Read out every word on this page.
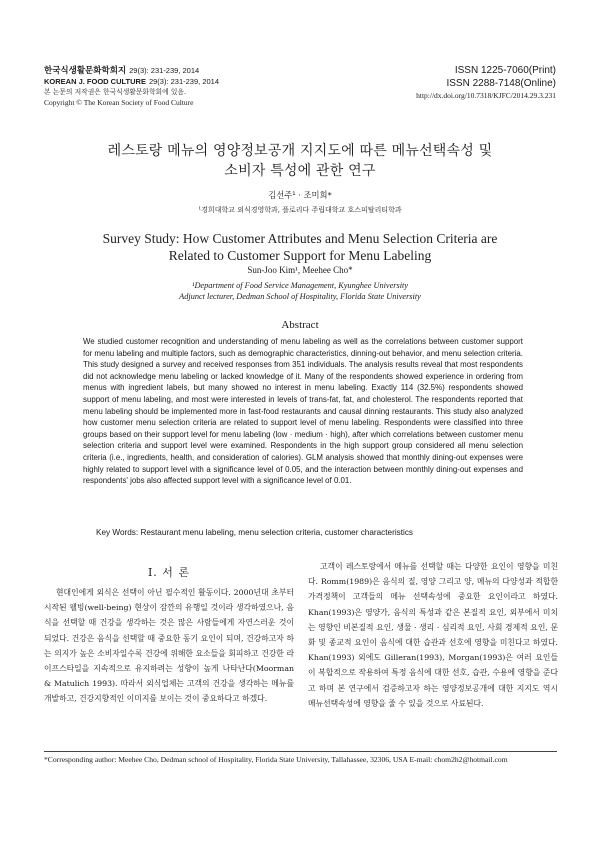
한국식생활문화학회지 29(3): 231-239, 2014
KOREAN J. FOOD CULTURE 29(3): 231-239, 2014
본 논문의 저작권은 한국식생활문화학회에 있음.
Copyright © The Korean Society of Food Culture
ISSN 1225-7060(Print)
ISSN 2288-7148(Online)
http://dx.doi.org/10.7318/KJFC/2014.29.3.231
레스토랑 메뉴의 영양정보공개 지지도에 따른 메뉴선택속성 및
소비자 특성에 관한 연구
김선주¹ · 조미희*
¹경희대학교 외식경영학과, 플로리다 주립대학교 호스피탈리티학과
Survey Study: How Customer Attributes and Menu Selection Criteria are
Related to Customer Support for Menu Labeling
Sun-Joo Kim¹, Meehee Cho*
¹Department of Food Service Management, Kyunghee University
Adjunct lecturer, Dedman School of Hospitality, Florida State University
Abstract

We studied customer recognition and understanding of menu labeling as well as the correlations between customer support for menu labeling and multiple factors, such as demographic characteristics, dinning-out behavior, and menu selection criteria. This study designed a survey and received responses from 351 individuals. The analysis results reveal that most respondents did not acknowledge menu labeling or lacked knowledge of it. Many of the respondents showed experience in ordering from menus with ingredient labels, but many showed no interest in menu labeling. Exactly 114 (32.5%) respondents showed support of menu labeling, and most were interested in levels of trans-fat, fat, and cholesterol. The respondents reported that menu labeling should be implemented more in fast-food restaurants and causal dinning restaurants. This study also analyzed how customer menu selection criteria are related to support level of menu labeling. Respondents were classified into three groups based on their support level for menu labeling (low · medium · high), after which correlations between customer menu selection criteria and support level were examined. Respondents in the high support group considered all menu selection criteria (i.e., ingredients, health, and consideration of calories). GLM analysis showed that monthly dining-out expenses were highly related to support level with a significance level of 0.05, and the interaction between monthly dining-out expenses and respondents' jobs also affected support level with a significance level of 0.01.

Key Words: Restaurant menu labeling, menu selection criteria, customer characteristics
I. 서 론

현대인에게 외식은 선택이 아닌 필수적인 활동이다. 2000년대 초부터 시작된 웰빙(well-being) 현상이 잠깐의 유행일 것이라 생각하였으나, 음식을 선택할 때 건강을 생각하는 것은 많은 사람들에게 자연스러운 것이 되었다. 건강은 음식을 선택할 때 중요한 동기 요인이 되며, 건강하고자 하는 의지가 높은 소비자일수록 건강에 위해한 요소들을 회피하고 건강한 라이프스타일을 지속적으로 유지하려는 성향이 높게 나타난다(Moorman & Matulich 1993). 따라서 외식업체는 고객의 건강을 생각하는 메뉴를 개발하고, 건강지향적인 이미지를 보이는 것이 중요하다고 하겠다.

고객이 레스토랑에서 메뉴를 선택할 때는 다양한 요인이 영향을 미친다. Romm(1989)은 음식의 질, 영양 그리고 양, 메뉴의 다양성과 적합한 가격정책이 고객들의 메뉴 선택속성에 중요한 요인이라고 하였다. Khan(1993)은 영양가, 음식의 특성과 같은 본질적 요인, 외부에서 미치는 영향인 비본질적 요인, 생물 · 생리 · 심리적 요인, 사회 경제적 요인, 문화 및 종교적 요인이 음식에 대한 습관과 선호에 영향을 미친다고 하였다. Khan(1993) 외에도 Gilleran(1993), Morgan(1993)은 여러 요인들이 복합적으로 작용하여 특정 음식에 대한 선호, 습관, 수용에 영향을 준다고 하며 본 연구에서 검증하고자 하는 영양정보공개에 대한 지지도 역시 메뉴선택속성에 영향을 줄 수 있을 것으로 사료된다.

*Corresponding author: Meehee Cho, Dedman school of Hospitality, Florida State University, Tallahassee, 32306, USA E-mail: chom2h2@hotmail.com
